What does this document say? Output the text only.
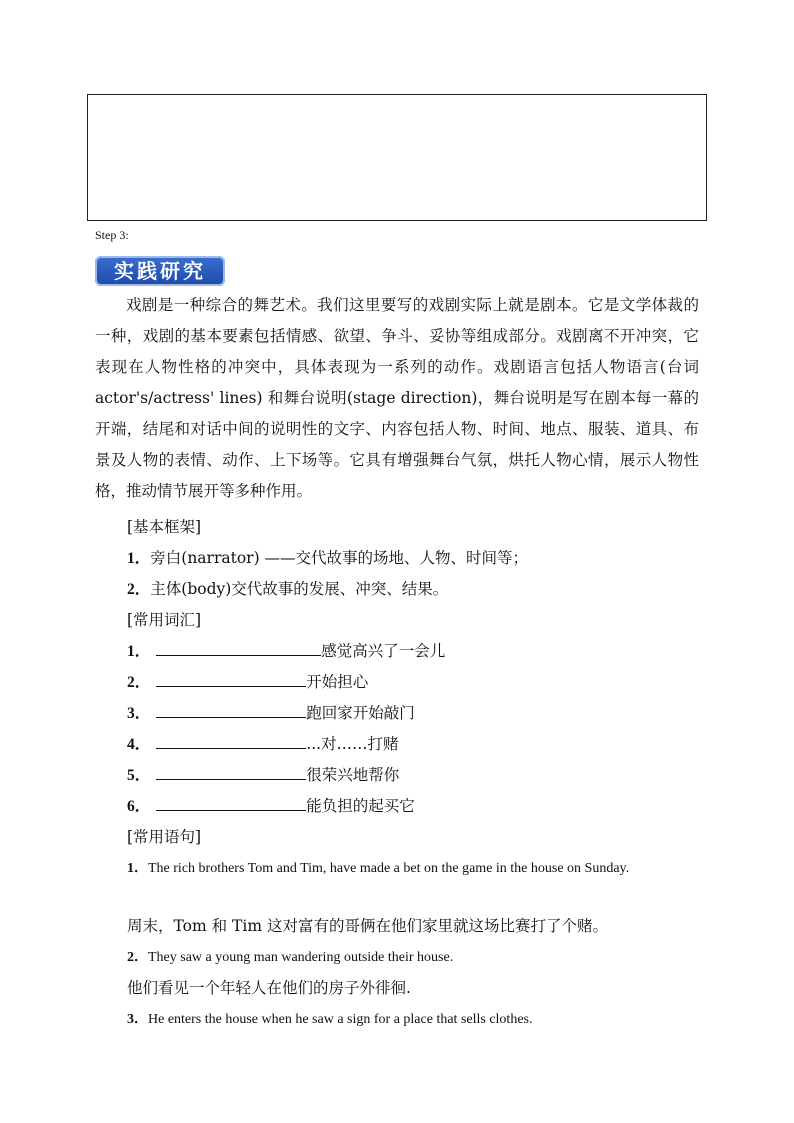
Step 3:
实践研究
戏剧是一种综合的舞艺术。我们这里要写的戏剧实际上就是剧本。它是文学体裁的一种，戏剧的基本要素包括情感、欲望、争斗、妥协等组成部分。戏剧离不开冲突，它表现在人物性格的冲突中，具体表现为一系列的动作。戏剧语言包括人物语言(台词 actor's/actress' lines) 和舞台说明(stage direction)，舞台说明是写在剧本每一幕的开端，结尾和对话中间的说明性的文字、内容包括人物、时间、地点、服装、道具、布景及人物的表情、动作、上下场等。它具有增强舞台气氛，烘托人物心情，展示人物性格，推动情节展开等多种作用。
[基本框架]
1．旁白(narrator) ——交代故事的场地、人物、时间等；
2．主体(body)交代故事的发展、冲突、结果。
[常用词汇]
1．	感觉高兴了一会儿
2．	开始担心
3．	跑回家开始敲门
4．	...对……打赌
5．	很荣兴地帮你
6．	能负担的起买它
[常用语句]
1．The rich brothers Tom and Tim, have made a bet on the game in the house on Sunday.
周末，Tom 和 Tim 这对富有的哥俩在他们家里就这场比赛打了个赌。
2．They saw a young man wandering outside their house.
他们看见一个年轻人在他们的房子外徘徊.
3．He enters the house when he saw a sign for a place that sells clothes.
